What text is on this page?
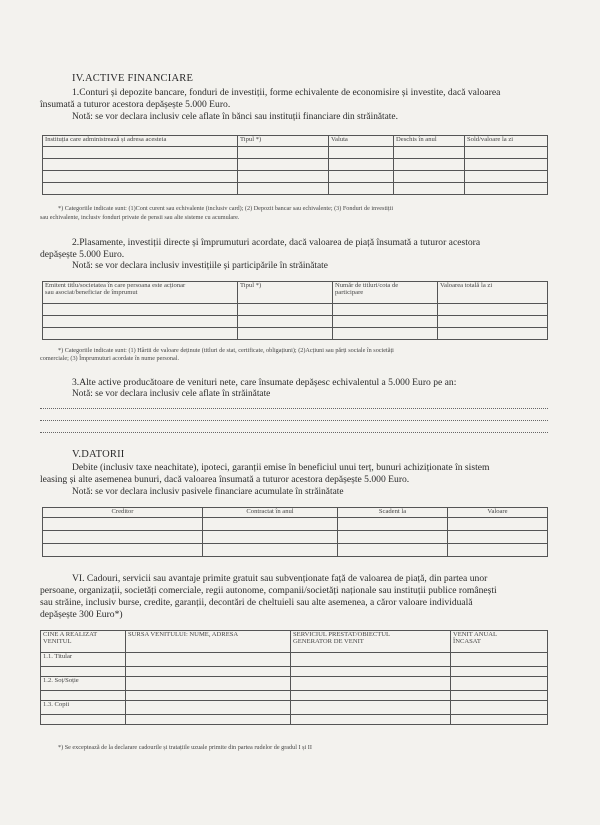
IV.ACTIVE FINANCIARE
1.Conturi și depozite bancare, fonduri de investiții, forme echivalente de economisire și investite, dacă valoarea
însumată a tuturor acestora depășește 5.000 Euro.
Notă: se vor declara inclusiv cele aflate în bănci sau instituții financiare din străinătate.
Instituția care administrează și adresa acesteia	Tipul *)	Valuta	Deschis în anul	Sold/valoare la zi

*) Categoriile indicate sunt: (1)Cont curent sau echivalente (inclusiv card); (2) Depozit bancar sau echivalente; (3) Fonduri de investiții
sau echivalente, inclusiv fonduri private de pensii sau alte sisteme cu acumulare.
2.Plasamente, investiții directe și împrumuturi acordate, dacă valoarea de piață însumată a tuturor acestora
depășește 5.000 Euro.
Notă: se vor declara inclusiv investițiile și participările în străinătate
Emitent titlu/societatea în care persoana este acționar
sau asociat/beneficiar de împrumut	Tipul *)	Număr de titluri/cota de
participare	Valoarea totală la zi

*) Categoriile indicate sunt: (1) Hârtii de valoare deținute (titluri de stat, certificate, obligațiuni); (2)Acțiuni sau părți sociale în societăți
comerciale; (3) Împrumuturi acordate în nume personal.
3.Alte active producătoare de venituri nete, care însumate depășesc echivalentul a 5.000 Euro pe an:
Notă: se vor declara inclusiv cele aflate în străinătate
V.DATORII
Debite (inclusiv taxe neachitate), ipoteci, garanții emise în beneficiul unui terț, bunuri achiziționate în sistem
leasing și alte asemenea bunuri, dacă valoarea însumată a tuturor acestora depășește 5.000 Euro.
Notă: se vor declara inclusiv pasivele financiare acumulate în străinătate
Creditor	Contractat în anul	Scadent la	Valoare

VI. Cadouri, servicii sau avantaje primite gratuit sau subvenționate față de valoarea de piață, din partea unor
persoane, organizații, societăți comerciale, regii autonome, companii/societăți naționale sau instituții publice românești
sau străine, inclusiv burse, credite, garanții, decontări de cheltuieli sau alte asemenea, a căror valoare individuală
depășește 300 Euro*)
CINE A REALIZAT
VENITUL	SURSA VENITULUI: NUME, ADRESA	SERVICIUL PRESTAT/OBIECTUL
GENERATOR DE VENIT	VENIT ANUAL
ÎNCASAT
1.1. Titular			

1.2. Soț/Soție			

1.3. Copii			

*) Se exceptează de la declarare cadourile și tratațiile uzuale primite din partea rudelor de gradul I și II
